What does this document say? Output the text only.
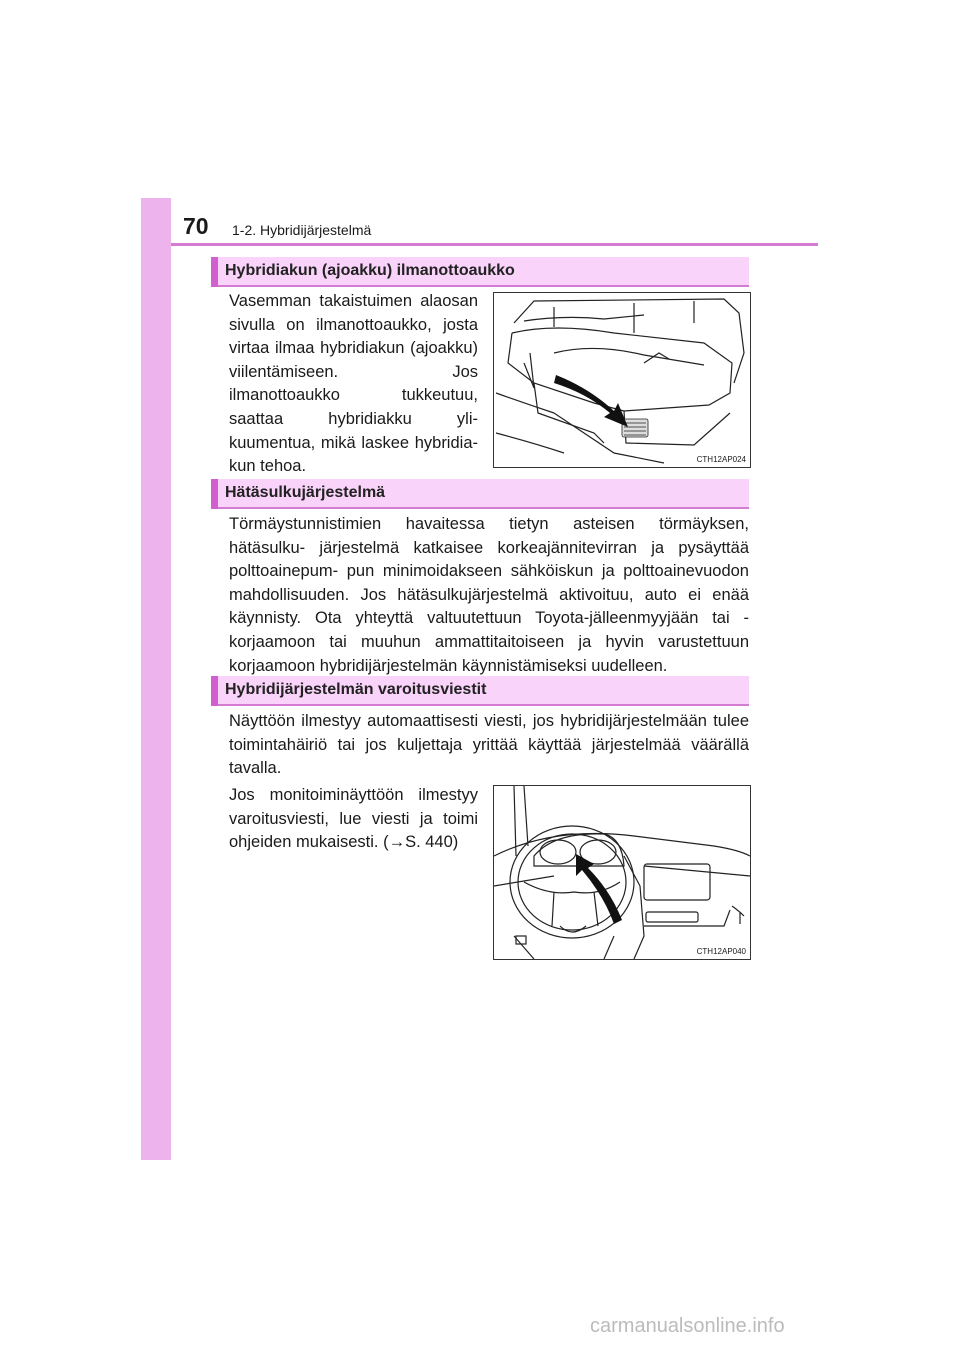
70 1-2. Hybridijärjestelmä
Hybridiakun (ajoakku) ilmanottoaukko
Vasemman takaistuimen alaosan sivulla on ilmanottoaukko, josta virtaa ilmaa hybridiakun (ajoakku) viilentämiseen. Jos ilmanottoaukko tukkeutuu, saattaa hybridiakku yli- kuumentua, mikä laskee hybridia- kun tehoa.	CTH12AP024
Hätäsulkujärjestelmä
Törmäystunnistimien havaitessa tietyn asteisen törmäyksen, hätäsulku- järjestelmä katkaisee korkeajännitevirran ja pysäyttää polttoainepum- pun minimoidakseen sähköiskun ja polttoainevuodon mahdollisuuden. Jos hätäsulkujärjestelmä aktivoituu, auto ei enää käynnisty. Ota yhteyttä valtuutettuun Toyota-jälleenmyyjään tai -korjaamoon tai muuhun ammattitaitoiseen ja hyvin varustettuun korjaamoon hybridijärjestelmän käynnistämiseksi uudelleen.
Hybridijärjestelmän varoitusviestit
Näyttöön ilmestyy automaattisesti viesti, jos hybridijärjestelmään tulee toimintahäiriö tai jos kuljettaja yrittää käyttää järjestelmää väärällä tavalla.
Jos monitoiminäyttöön ilmestyy varoitusviesti, lue viesti ja toimi ohjeiden mukaisesti. (→S. 440)
CTH12AP040
carmanualsonline.info
